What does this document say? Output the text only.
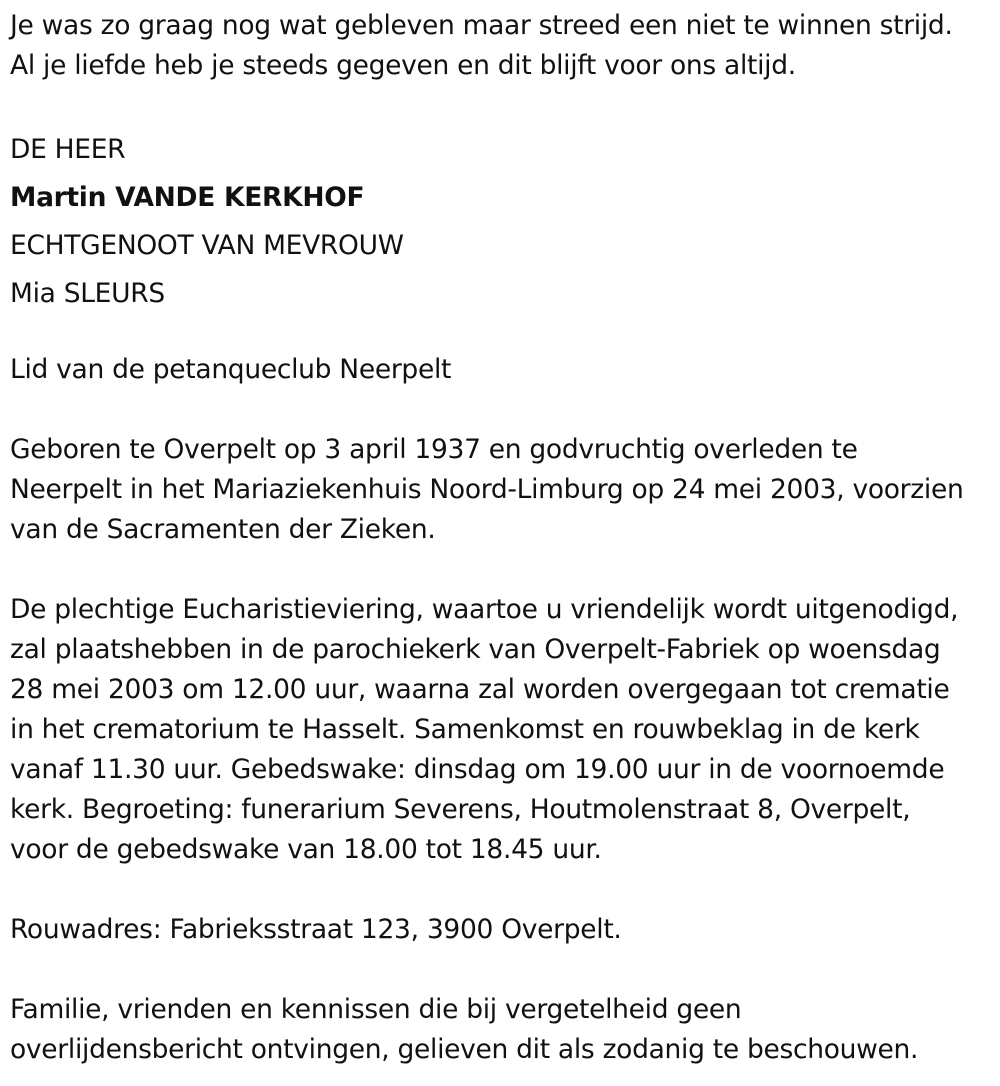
Je was zo graag nog wat gebleven maar streed een niet te winnen strijd.
Al je liefde heb je steeds gegeven en dit blijft voor ons altijd.
DE HEER
Martin VANDE KERKHOF
ECHTGENOOT VAN MEVROUW
Mia SLEURS
Lid van de petanqueclub Neerpelt
Geboren te Overpelt op 3 april 1937 en godvruchtig overleden te
Neerpelt in het Mariaziekenhuis Noord-Limburg op 24 mei 2003, voorzien
van de Sacramenten der Zieken.
De plechtige Eucharistieviering, waartoe u vriendelijk wordt uitgenodigd,
zal plaatshebben in de parochiekerk van Overpelt-Fabriek op woensdag
28 mei 2003 om 12.00 uur, waarna zal worden overgegaan tot crematie
in het crematorium te Hasselt. Samenkomst en rouwbeklag in de kerk
vanaf 11.30 uur. Gebedswake: dinsdag om 19.00 uur in de voornoemde
kerk. Begroeting: funerarium Severens, Houtmolenstraat 8, Overpelt,
voor de gebedswake van 18.00 tot 18.45 uur.
Rouwadres: Fabrieksstraat 123, 3900 Overpelt.
Familie, vrienden en kennissen die bij vergetelheid geen
overlijdensbericht ontvingen, gelieven dit als zodanig te beschouwen.
